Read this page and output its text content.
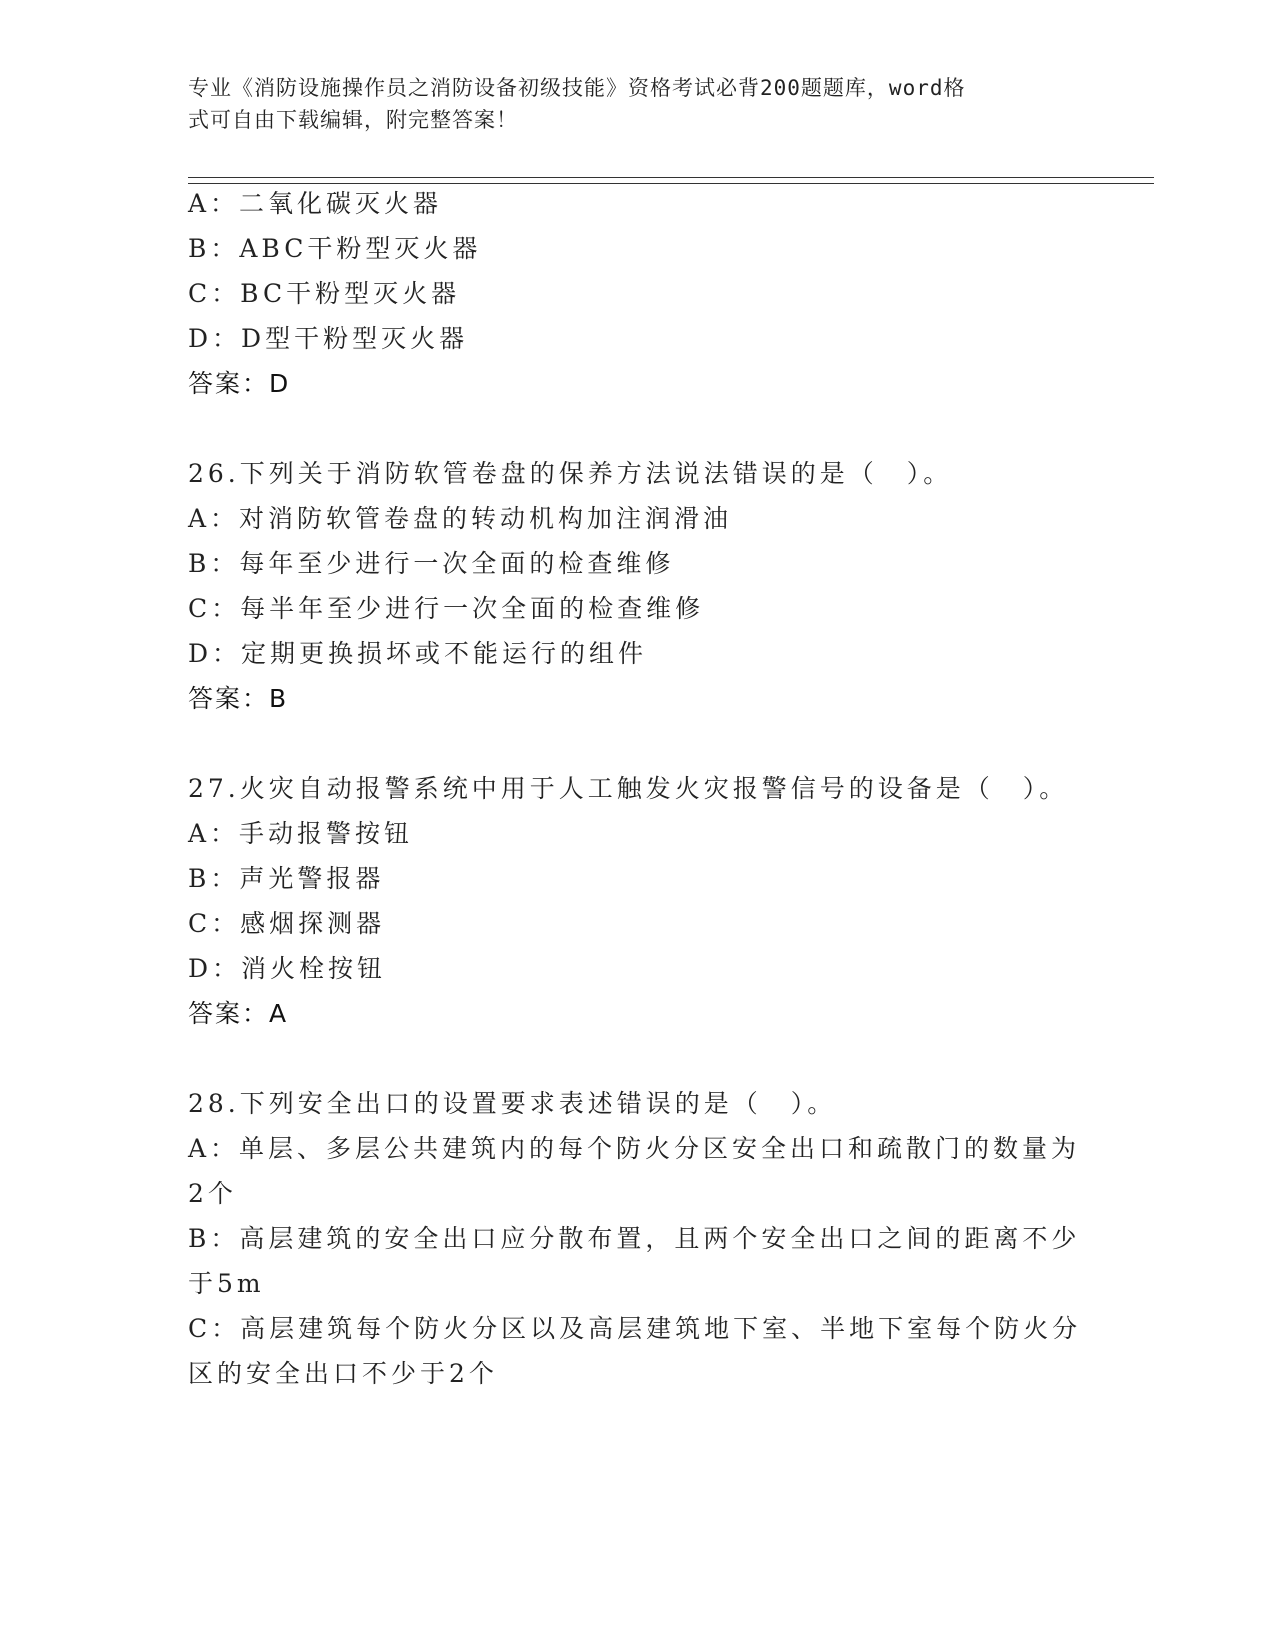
专业《消防设施操作员之消防设备初级技能》资格考试必背200题题库，word格
式可自由下载编辑，附完整答案！
A：二氧化碳灭火器
B：ABC干粉型灭火器
C：BC干粉型灭火器
D：D型干粉型灭火器
答案：D
26.下列关于消防软管卷盘的保养方法说法错误的是（　）。
A：对消防软管卷盘的转动机构加注润滑油
B：每年至少进行一次全面的检查维修
C：每半年至少进行一次全面的检查维修
D：定期更换损坏或不能运行的组件
答案：B
27.火灾自动报警系统中用于人工触发火灾报警信号的设备是（　）。
A：手动报警按钮
B：声光警报器
C：感烟探测器
D：消火栓按钮
答案：A
28.下列安全出口的设置要求表述错误的是（　）。
A：单层、多层公共建筑内的每个防火分区安全出口和疏散门的数量为
2个
B：高层建筑的安全出口应分散布置，且两个安全出口之间的距离不少
于5m
C：高层建筑每个防火分区以及高层建筑地下室、半地下室每个防火分
区的安全出口不少于2个
